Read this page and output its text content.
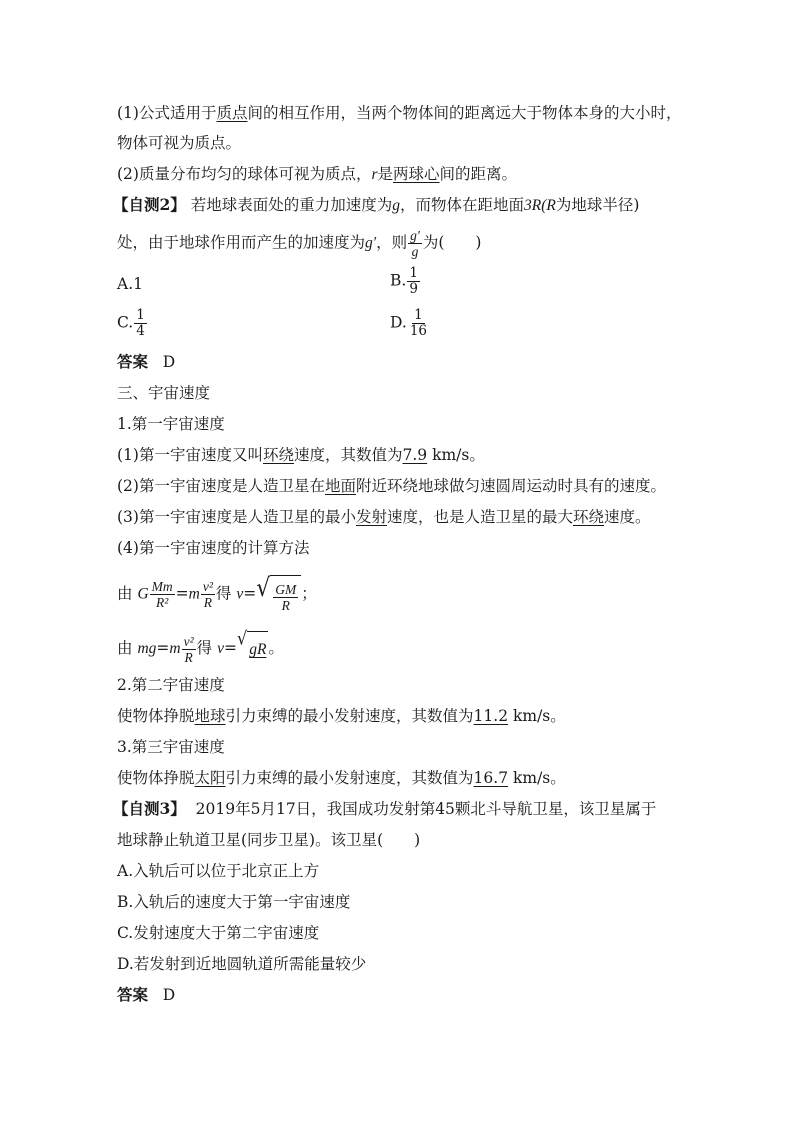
(1)公式适用于质点间的相互作用，当两个物体间的距离远大于物体本身的大小时，
物体可视为质点。
(2)质量分布均匀的球体可视为质点，r是两球心间的距离。
【自测2】 若地球表面处的重力加速度为g，而物体在距地面3R(R为地球半径)
处，由于地球作用而产生的加速度为g′，则 $\frac{g'}{g}$ 为(　　)
A.1	B. $\frac{1}{9}$
C. $\frac{1}{4}$	D. $\frac{1}{16}$
答案 D
三、宇宙速度
1.第一宇宙速度
(1)第一宇宙速度又叫环绕速度，其数值为7.9 km/s。
(2)第一宇宙速度是人造卫星在地面附近环绕地球做匀速圆周运动时具有的速度。
(3)第一宇宙速度是人造卫星的最小发射速度，也是人造卫星的最大环绕速度。
(4)第一宇宙速度的计算方法
由 G $\frac{Mm}{\text{R²}} =m \frac{\text{v²}}{R}$ 得 v= √ $\frac{GM}{R}$ ；
由 $mg=m \frac{\text{v²}}{R}$ 得 v= √
gR 。
2.第二宇宙速度
使物体挣脱地球引力束缚的最小发射速度，其数值为11.2 km/s。
3.第三宇宙速度
使物体挣脱太阳引力束缚的最小发射速度，其数值为16.7 km/s。
【自测3】 2019年5月17日，我国成功发射第45颗北斗导航卫星，该卫星属于
地球静止轨道卫星(同步卫星)。该卫星(　　)
A.入轨后可以位于北京正上方
B.入轨后的速度大于第一宇宙速度
C.发射速度大于第二宇宙速度
D.若发射到近地圆轨道所需能量较少
答案 D
